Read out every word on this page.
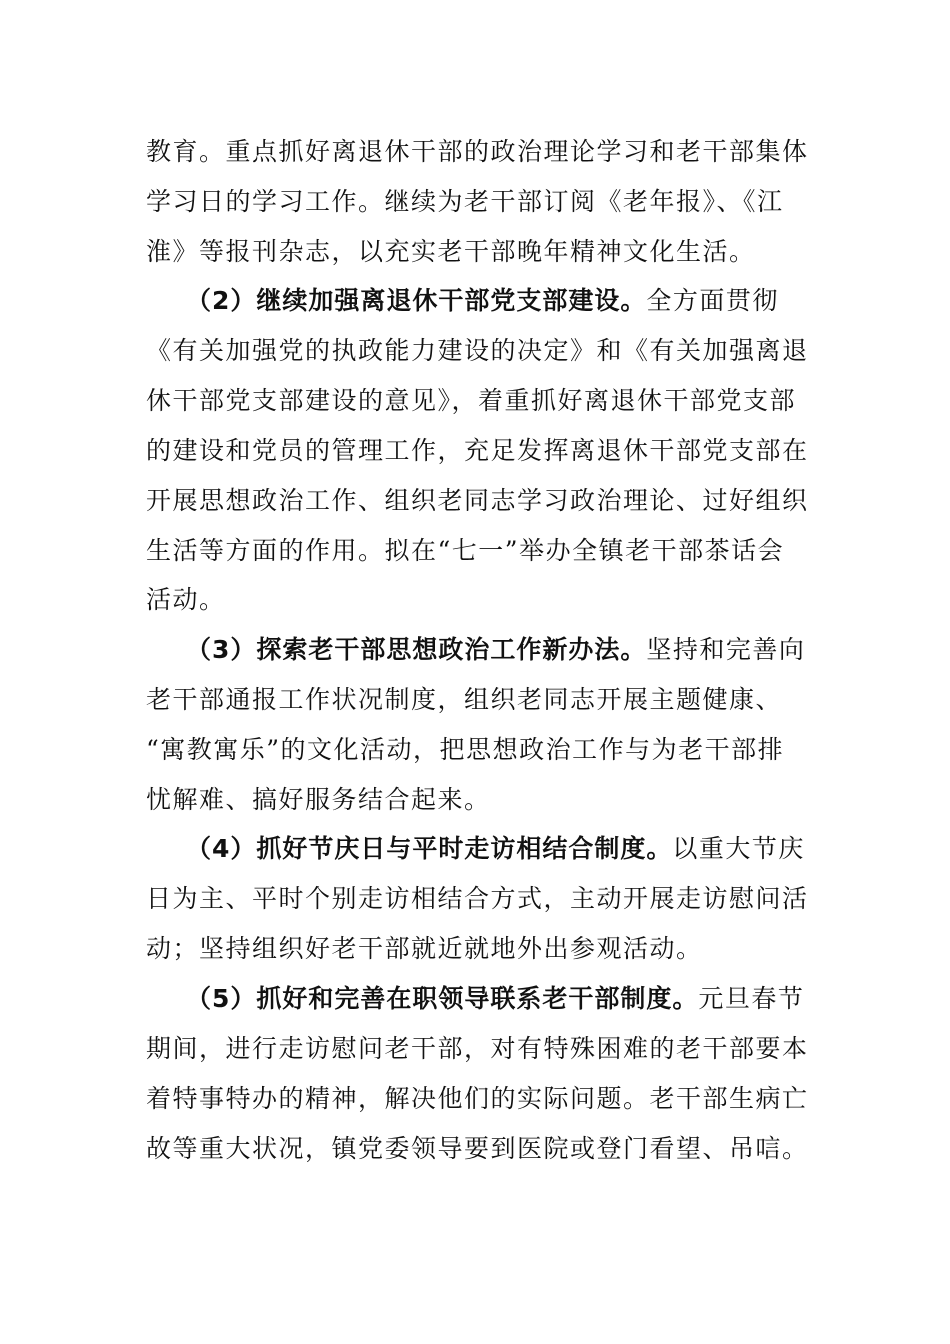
教育。重点抓好离退休干部的政治理论学习和老干部集体
学习日的学习工作。继续为老干部订阅《老年报》、《江
淮》等报刊杂志，以充实老干部晚年精神文化生活。
（2）继续加强离退休干部党支部建设。全方面贯彻
《有关加强党的执政能力建设的决定》和《有关加强离退
休干部党支部建设的意见》，着重抓好离退休干部党支部
的建设和党员的管理工作，充足发挥离退休干部党支部在
开展思想政治工作、组织老同志学习政治理论、过好组织
生活等方面的作用。拟在“七一”举办全镇老干部茶话会
活动。
（3）探索老干部思想政治工作新办法。坚持和完善向
老干部通报工作状况制度，组织老同志开展主题健康、
“寓教寓乐”的文化活动，把思想政治工作与为老干部排
忧解难、搞好服务结合起来。
（4）抓好节庆日与平时走访相结合制度。以重大节庆
日为主、平时个别走访相结合方式，主动开展走访慰问活
动；坚持组织好老干部就近就地外出参观活动。
（5）抓好和完善在职领导联系老干部制度。元旦春节
期间，进行走访慰问老干部，对有特殊困难的老干部要本
着特事特办的精神，解决他们的实际问题。老干部生病亡
故等重大状况，镇党委领导要到医院或登门看望、吊唁。
